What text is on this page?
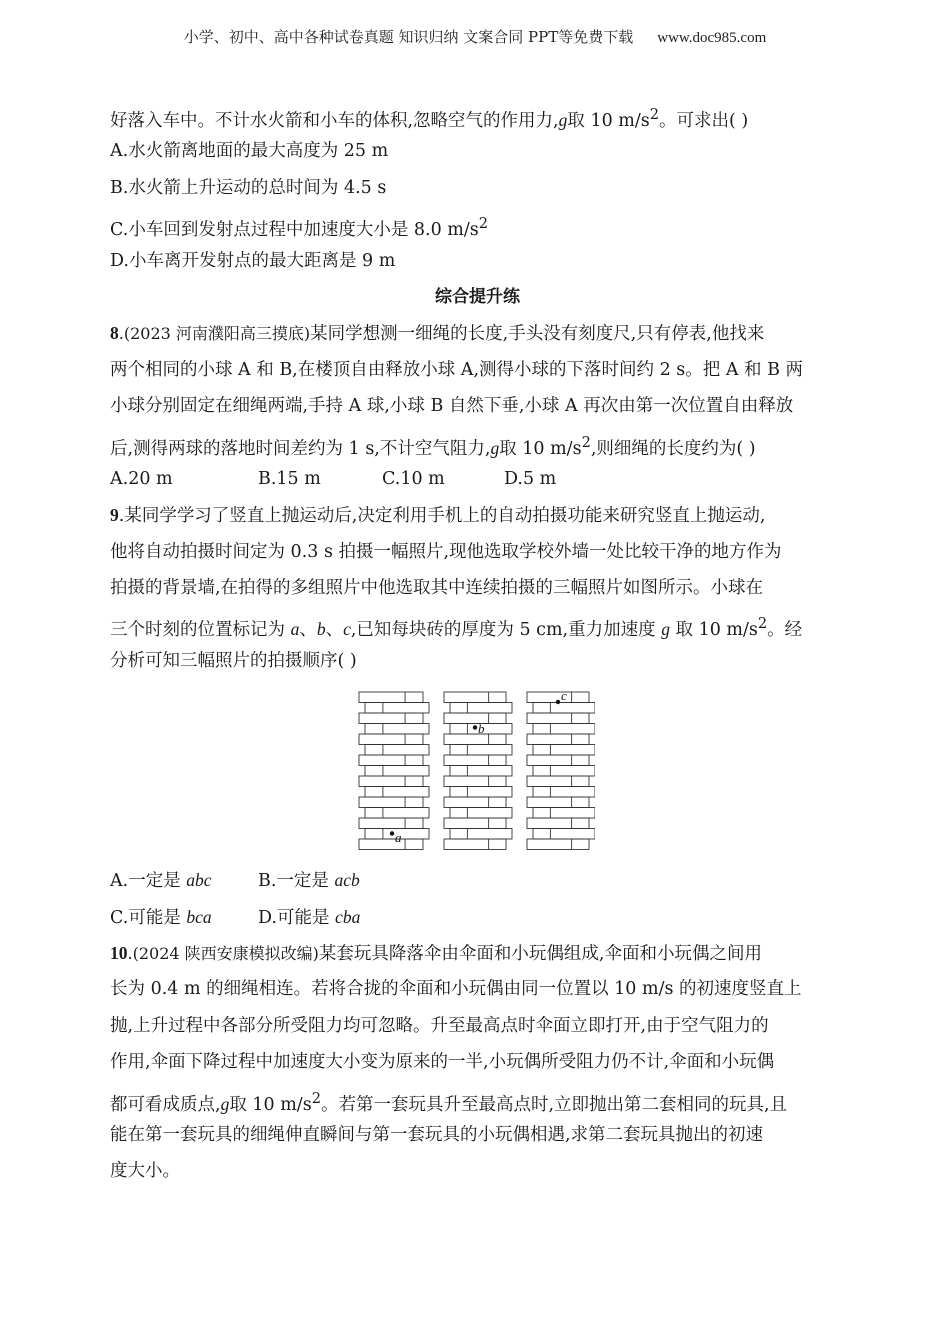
小学、初中、高中各种试卷真题 知识归纳 文案合同 PPT等免费下载 www.doc985.com
好落入车中。不计水火箭和小车的体积,忽略空气的作用力,g取 10 $m/s^2$。可求出( )
A.水火箭离地面的最大高度为 25 m
B.水火箭上升运动的总时间为 4.5 s
C.小车回到发射点过程中加速度大小是 8.0 $m/s^2$
D.小车离开发射点的最大距离是 9 m
综合提升练
8.(2023 河南濮阳高三摸底)某同学想测一细绳的长度,手头没有刻度尺,只有停表,他找来
两个相同的小球 A 和 B,在楼顶自由释放小球 A,测得小球的下落时间约 2 s。把 A 和 B 两
小球分别固定在细绳两端,手持 A 球,小球 B 自然下垂,小球 A 再次由第一次位置自由释放
后,测得两球的落地时间差约为 1 s,不计空气阻力,g取 10 $m/s^2$,则细绳的长度约为( )
A.20 m	B.15 m	C.10 m	D.5 m
9.某同学学习了竖直上抛运动后,决定利用手机上的自动拍摄功能来研究竖直上抛运动,
他将自动拍摄时间定为 0.3 s 拍摄一幅照片,现他选取学校外墙一处比较干净的地方作为
拍摄的背景墙,在拍得的多组照片中他选取其中连续拍摄的三幅照片如图所示。小球在
三个时刻的位置标记为 a、b、c,已知每块砖的厚度为 5 cm,重力加速度 g 取 10 $m/s^2$。经
分析可知三幅照片的拍摄顺序( )
A.一定是 abc	B.一定是 acb
C.可能是 bca	D.可能是 cba
10.(2024 陕西安康模拟改编)某套玩具降落伞由伞面和小玩偶组成,伞面和小玩偶之间用
长为 0.4 m 的细绳相连。若将合拢的伞面和小玩偶由同一位置以 10 m/s 的初速度竖直上
抛,上升过程中各部分所受阻力均可忽略。升至最高点时伞面立即打开,由于空气阻力的
作用,伞面下降过程中加速度大小变为原来的一半,小玩偶所受阻力仍不计,伞面和小玩偶
都可看成质点,g取 10 $m/s^2$。若第一套玩具升至最高点时,立即抛出第二套相同的玩具,且
能在第一套玩具的细绳伸直瞬间与第一套玩具的小玩偶相遇,求第二套玩具抛出的初速
度大小。
a
b
c
